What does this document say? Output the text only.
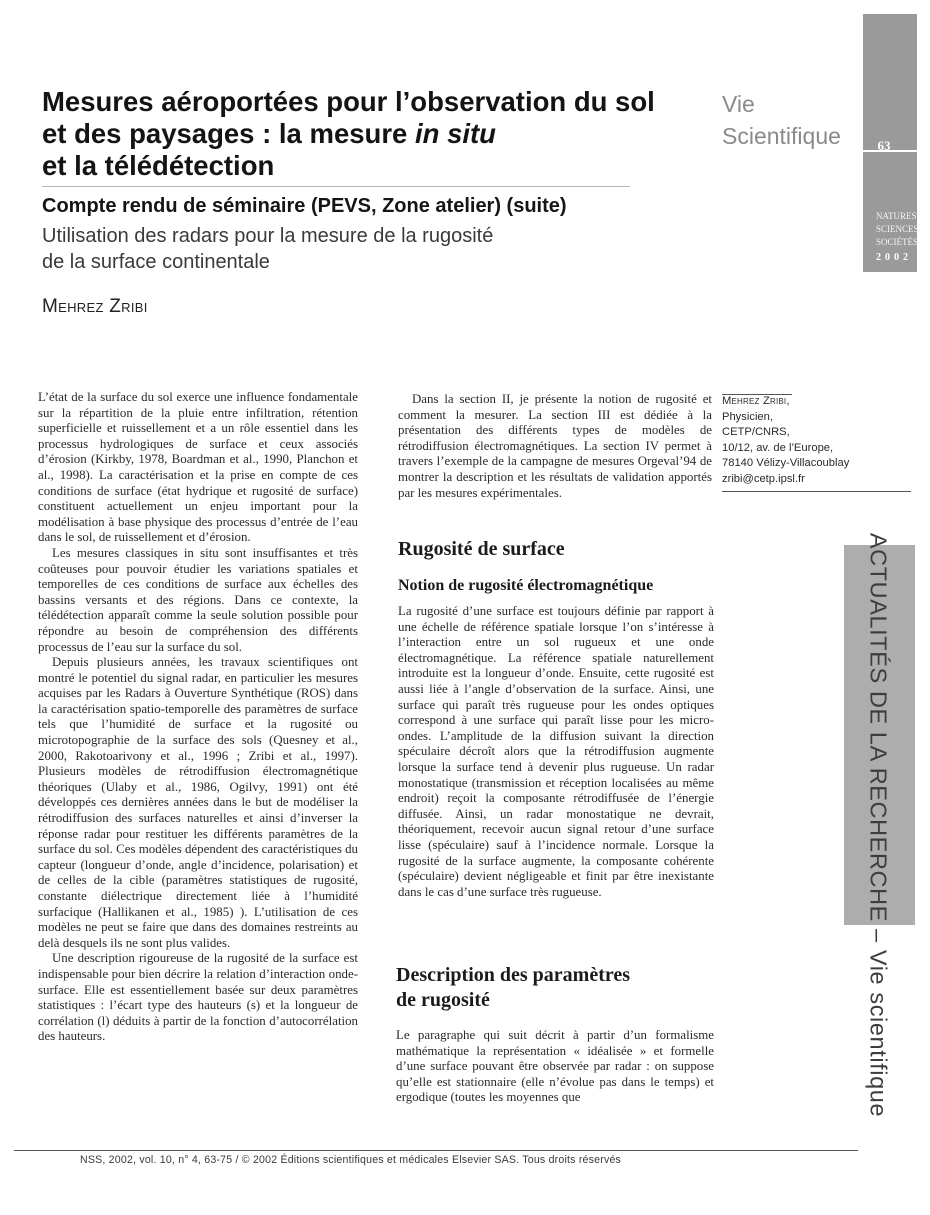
Mesures aéroportées pour l’observation du sol
et des paysages : la mesure in situ
et la télédétection
Compte rendu de séminaire (PEVS, Zone atelier) (suite)
Utilisation des radars pour la mesure de la rugosité
de la surface continentale
Mehrez Zribi
Vie
Scientifique	63
NATURES
SCIENCES
SOCIÉTÉS
2002
ACTUALITÉS DE LA RECHERCHE – Vie scientifique

L’état de la surface du sol exerce une influence fondamentale sur la répartition de la pluie entre infiltration, rétention superficielle et ruissellement et a un rôle essentiel dans les processus hydrologiques de surface et ceux associés d’érosion (Kirkby, 1978, Boardman et al., 1990, Planchon et al., 1998). La caractérisation et la prise en compte de ces conditions de surface (état hydrique et rugosité de surface) constituent actuellement un enjeu important pour la modélisation à base physique des processus d’entrée de l’eau dans le sol, de ruissellement et d’érosion.

Les mesures classiques in situ sont insuffisantes et très coûteuses pour pouvoir étudier les variations spatiales et temporelles de ces conditions de surface aux échelles des bassins versants et des régions. Dans ce contexte, la télédétection apparaît comme la seule solution possible pour répondre au besoin de compréhension des différents processus de l’eau sur la surface du sol.

Depuis plusieurs années, les travaux scientifiques ont montré le potentiel du signal radar, en particulier les mesures acquises par les Radars à Ouverture Synthétique (ROS) dans la caractérisation spatio-temporelle des paramètres de surface tels que l’humidité de surface et la rugosité ou microtopographie de la surface des sols (Quesney et al., 2000, Rakotoarivony et al., 1996 ; Zribi et al., 1997). Plusieurs modèles de rétrodiffusion électromagnétique théoriques (Ulaby et al., 1986, Ogilvy, 1991) ont été développés ces dernières années dans le but de modéliser la rétrodiffusion des surfaces naturelles et ainsi d’inverser la réponse radar pour restituer les différents paramètres de la surface du sol. Ces modèles dépendent des caractéristiques du capteur (longueur d’onde, angle d’incidence, polarisation) et de celles de la cible (paramètres statistiques de rugosité, constante diélectrique directement liée à l’humidité surfacique (Hallikanen et al., 1985) ). L’utilisation de ces modèles ne peut se faire que dans des domaines restreints au delà desquels ils ne sont plus valides.

Une description rigoureuse de la rugosité de la surface est indispensable pour bien décrire la relation d’interaction onde-surface. Elle est essentiellement basée sur deux paramètres statistiques : l’écart type des hauteurs (s) et la longueur de corrélation (l) déduits à partir de la fonction d’autocorrélation des hauteurs.

Dans la section II, je présente la notion de rugosité et comment la mesurer. La section III est dédiée à la présentation des différents types de modèles de rétrodiffusion électromagnétiques. La section IV permet à travers l’exemple de la campagne de mesures Orgeval’94 de montrer la description et les résultats de validation apportés par les mesures expérimentales.

Mehrez Zribi,
Physicien,
CETP/CNRS,
10/12, av. de l’Europe,
78140 Vélizy-Villacoublay
zribi@cetp.ipsl.fr
Rugosité de surface
Notion de rugosité électromagnétique

La rugosité d’une surface est toujours définie par rapport à une échelle de référence spatiale lorsque l’on s’intéresse à l’interaction entre un sol rugueux et une onde électromagnétique. La référence spatiale naturellement introduite est la longueur d’onde. Ensuite, cette rugosité est aussi liée à l’angle d’observation de la surface. Ainsi, une surface qui paraît très rugueuse pour les ondes optiques correspond à une surface qui paraît lisse pour les micro-ondes. L’amplitude de la diffusion suivant la direction spéculaire décroît alors que la rétrodiffusion augmente lorsque la surface tend à devenir plus rugueuse. Un radar monostatique (transmission et réception localisées au même endroit) reçoit la composante rétrodiffusée de l’énergie diffusée. Ainsi, un radar monostatique ne devrait, théoriquement, recevoir aucun signal retour d’une surface lisse (spéculaire) sauf à l’incidence normale. Lorsque la rugosité de la surface augmente, la composante cohérente (spéculaire) devient négligeable et finit par être inexistante dans le cas d’une surface très rugueuse.

Description des paramètres
de rugosité

Le paragraphe qui suit décrit à partir d’un formalisme mathématique la représentation « idéalisée » et formelle d’une surface pouvant être observée par radar : on suppose qu’elle est stationnaire (elle n’évolue pas dans le temps) et ergodique (toutes les moyennes que

NSS, 2002, vol. 10, n° 4, 63-75 / © 2002 Éditions scientifiques et médicales Elsevier SAS. Tous droits réservés
